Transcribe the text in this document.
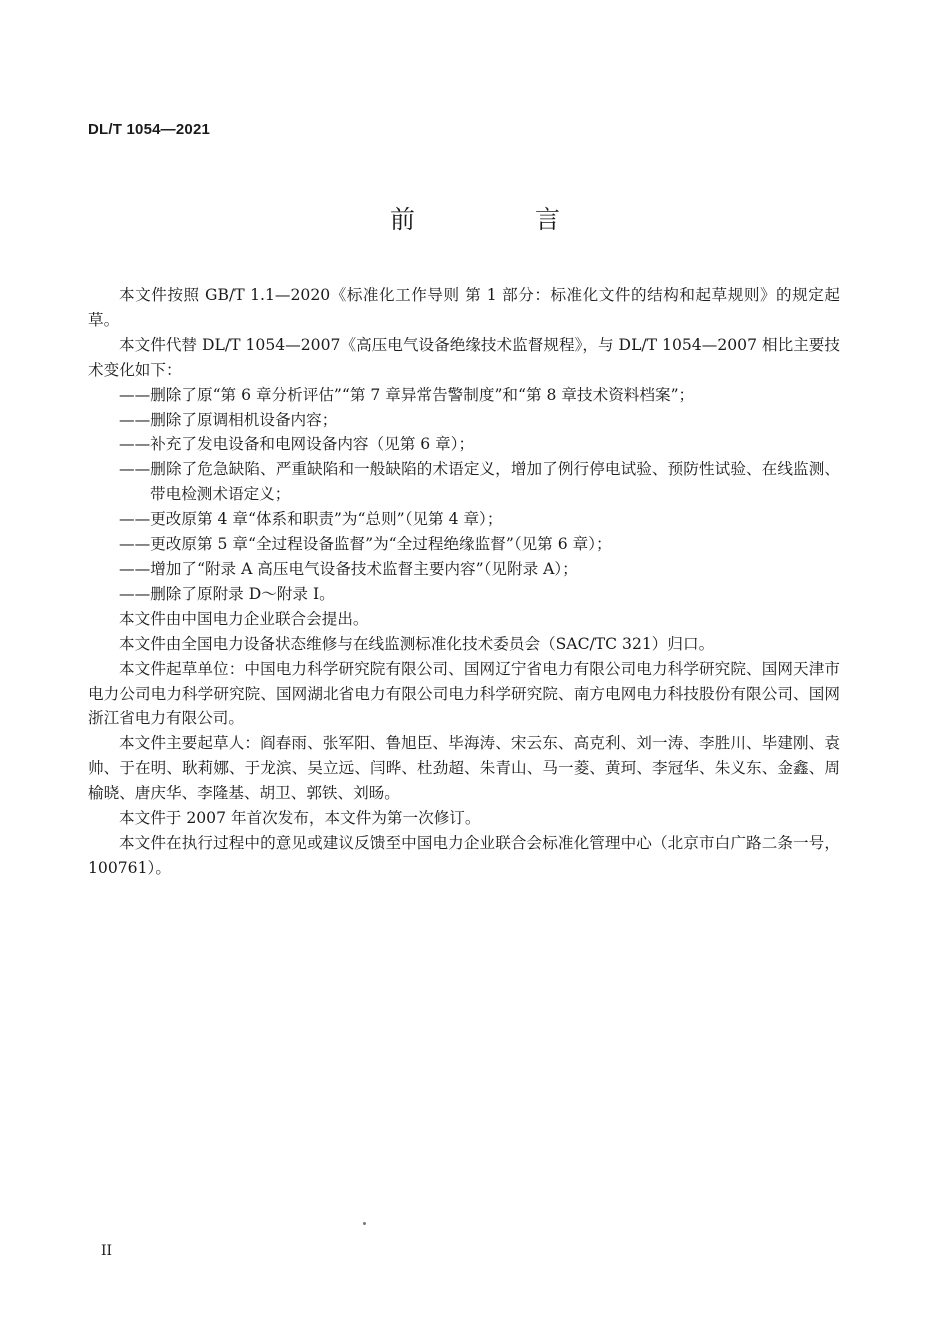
DL/T 1054—2021
前 言

本文件按照 GB/T 1.1—2020《标准化工作导则 第 1 部分：标准化文件的结构和起草规则》的规定起草。

本文件代替 DL/T 1054—2007《高压电气设备绝缘技术监督规程》，与 DL/T 1054—2007 相比主要技术变化如下：

——删除了原“第 6 章分析评估”“第 7 章异常告警制度”和“第 8 章技术资料档案”；

——删除了原调相机设备内容；

——补充了发电设备和电网设备内容（见第 6 章）；

——删除了危急缺陷、严重缺陷和一般缺陷的术语定义，增加了例行停电试验、预防性试验、在线监测、带电检测术语定义；

——更改原第 4 章“体系和职责”为“总则”（见第 4 章）；

——更改原第 5 章“全过程设备监督”为“全过程绝缘监督”（见第 6 章）；

——增加了“附录 A 高压电气设备技术监督主要内容”（见附录 A）；

——删除了原附录 D～附录 I。

本文件由中国电力企业联合会提出。

本文件由全国电力设备状态维修与在线监测标准化技术委员会（SAC/TC 321）归口。

本文件起草单位：中国电力科学研究院有限公司、国网辽宁省电力有限公司电力科学研究院、国网天津市电力公司电力科学研究院、国网湖北省电力有限公司电力科学研究院、南方电网电力科技股份有限公司、国网浙江省电力有限公司。

本文件主要起草人：阎春雨、张军阳、鲁旭臣、毕海涛、宋云东、高克利、刘一涛、李胜川、毕建刚、袁帅、于在明、耿莉娜、于龙滨、吴立远、闫晔、杜劲超、朱青山、马一菱、黄珂、李冠华、朱义东、金鑫、周榆晓、唐庆华、李隆基、胡卫、郭铁、刘旸。

本文件于 2007 年首次发布，本文件为第一次修订。

本文件在执行过程中的意见或建议反馈至中国电力企业联合会标准化管理中心（北京市白广路二条一号，100761）。

II
